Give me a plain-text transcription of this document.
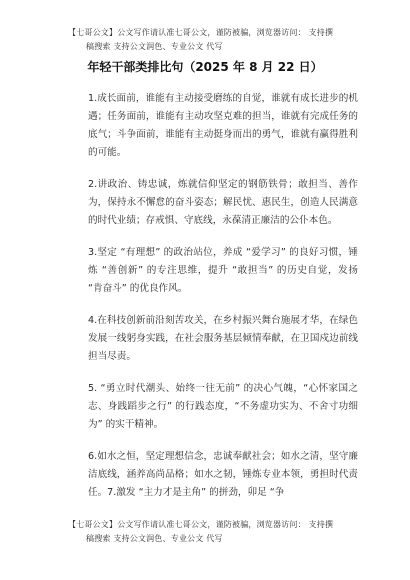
【七哥公文】公文写作请认准七哥公文，谨防被骗，浏览器访问： 支持撰
稿搜索 支持公文润色、专业公文 代写
年轻干部类排比句（2025 年 8 月 22 日）

1.成长面前，谁能有主动接受磨练的自觉，谁就有成长进步的机遇；任务面前，谁能有主动攻坚克难的担当，谁就有完成任务的底气；斗争面前，谁能有主动挺身而出的勇气，谁就有赢得胜利的可能。

2.讲政治、铸忠诚，炼就信仰坚定的钢筋铁骨；敢担当、善作为，保持永不懈怠的奋斗姿态；解民忧、惠民生，创造人民满意的时代业绩；存戒惧、守底线，永葆清正廉洁的公仆本色。

3.坚定 “有理想” 的政治站位，养成 “爱学习” 的良好习惯，锤炼 “善创新” 的专注思维，提升 “敢担当” 的历史自觉，发扬 “肯奋斗” 的优良作风。

4.在科技创新前沿刻苦攻关，在乡村振兴舞台施展才华，在绿色发展一线躬身实践，在社会服务基层倾情奉献，在卫国戍边前线担当尽责。

5. “勇立时代潮头、始终一往无前” 的决心气魄，“心怀家国之志、身践蹈步之行” 的行践态度，“不务虚功实为、不舍寸功细为” 的实干精神。

6.如水之恒，坚定理想信念，忠诚奉献社会；如水之清，坚守廉洁底线，涵养高尚品格；如水之韧，锤炼专业本领，勇担时代责任。7.激发 “主力才是主角” 的拼劲，卯足 “争

【七哥公文】公文写作请认准七哥公文，谨防被骗，浏览器访问： 支持撰
稿搜索 支持公文润色、专业公文 代写
